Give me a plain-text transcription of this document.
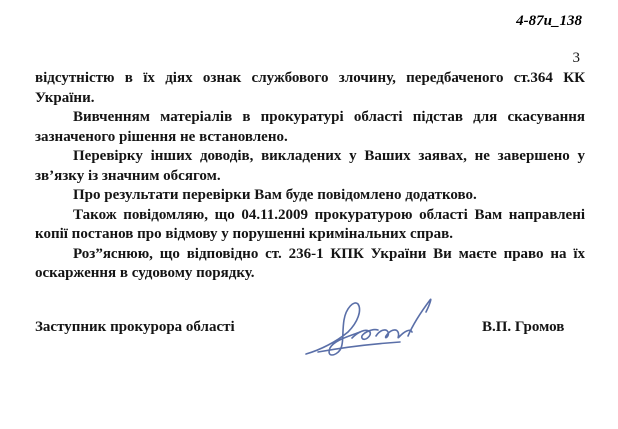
4-87и_138
3

відсутністю в їх діях ознак службового злочину, передбаченого ст.364 КК України.

Вивченням матеріалів в прокуратурі області підстав для скасування зазначеного рішення не встановлено.

Перевірку інших доводів, викладених у Ваших заявах, не завершено у зв’язку із значним обсягом.

Про результати перевірки Вам буде повідомлено додатково.

Також повідомляю, що 04.11.2009 прокуратурою області Вам направлені копії постанов про відмову у порушенні кримінальних справ.

Роз”яснюю, що відповідно ст. 236-1 КПК України Ви маєте право на їх оскарження в судовому порядку.

Заступник прокурора області	В.П. Громов
